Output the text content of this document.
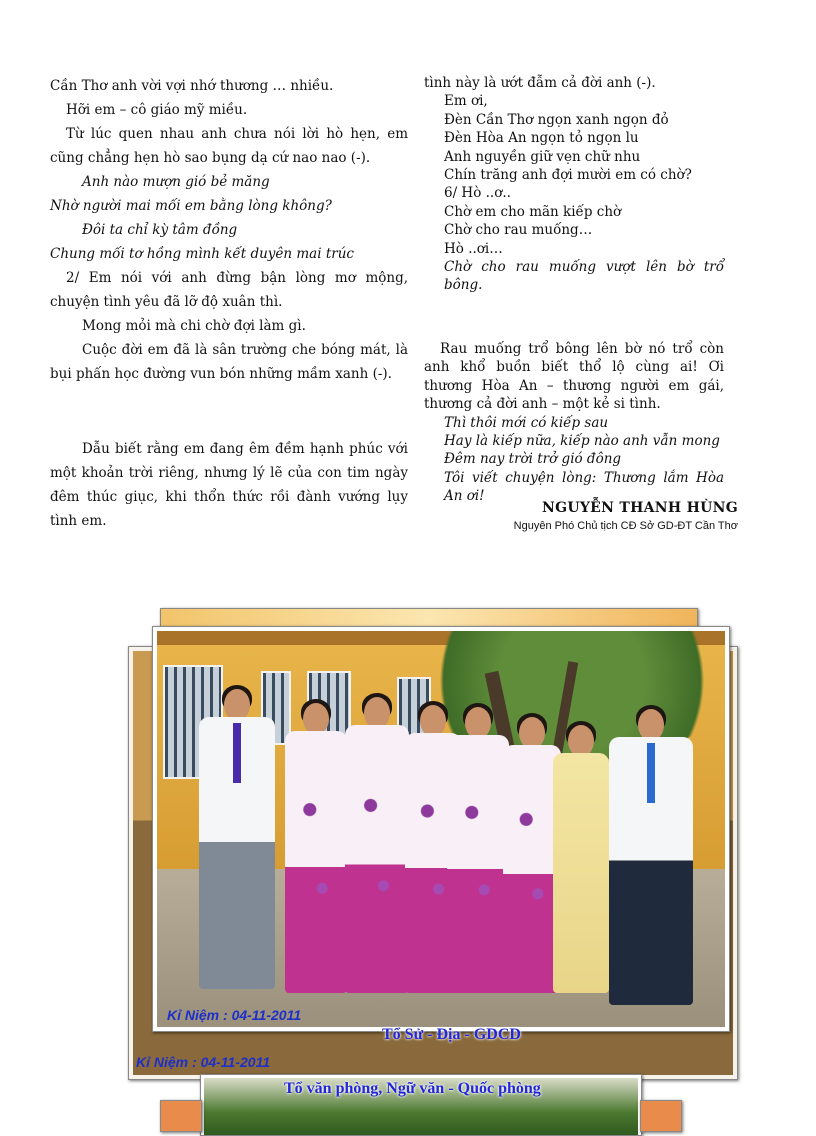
Cần Thơ anh vời vợi nhớ thương … nhiều.

Hỡi em – cô giáo mỹ miều.

Từ lúc quen nhau anh chưa nói lời hò hẹn, em cũng chẳng hẹn hò sao bụng dạ cứ nao nao (-).

Anh nào mượn gió bẻ măng

Nhờ người mai mối em bằng lòng không?

Đôi ta chỉ kỳ tâm đồng

Chung mối tơ hồng mình kết duyên mai trúc

2/ Em nói với anh đừng bận lòng mơ mộng, chuyện tình yêu đã lỡ độ xuân thì.

Mong mỏi mà chi chờ đợi làm gì.

Cuộc đời em đã là sân trường che bóng mát, là bụi phấn học đường vun bón những mầm xanh (-).

Dẫu biết rằng em đang êm đềm hạnh phúc với một khoản trời riêng, nhưng lý lẽ của con tim ngày đêm thúc giục, khi thổn thức rồi đành vướng lụy tình em.

tình này là ướt đẫm cả đời anh (-).

Em ơi,

Đèn Cần Thơ ngọn xanh ngọn đỏ

Đèn Hòa An ngọn tỏ ngọn lu

Anh nguyền giữ vẹn chữ nhu

Chín trăng anh đợi mười em có chờ?

6/ Hò ..ơ..

Chờ em cho mãn kiếp chờ

Chờ cho rau muống…

Hò ..ơi…

Chờ cho rau muống vượt lên bờ trổ bông.

Rau muống trổ bông lên bờ nó trổ còn anh khổ buồn biết thổ lộ cùng ai! Ơi thương Hòa An – thương người em gái, thương cả đời anh – một kẻ si tình.

Thì thôi mới có kiếp sau

Hay là kiếp nữa, kiếp nào anh vẫn mong

Đêm nay trời trở gió đông

Tôi viết chuyện lòng: Thương lắm Hòa An ơi!

NGUYỄN THANH HÙNG
Nguyên Phó Chủ tịch CĐ Sở GD-ĐT Cần Thơ
Kỉ Niệm : 04-11-2011
Tổ văn phòng, Ngữ văn - Quốc phòng
Kỉ Niệm : 04-11-2011
Tổ Sử - Địa - GDCD
